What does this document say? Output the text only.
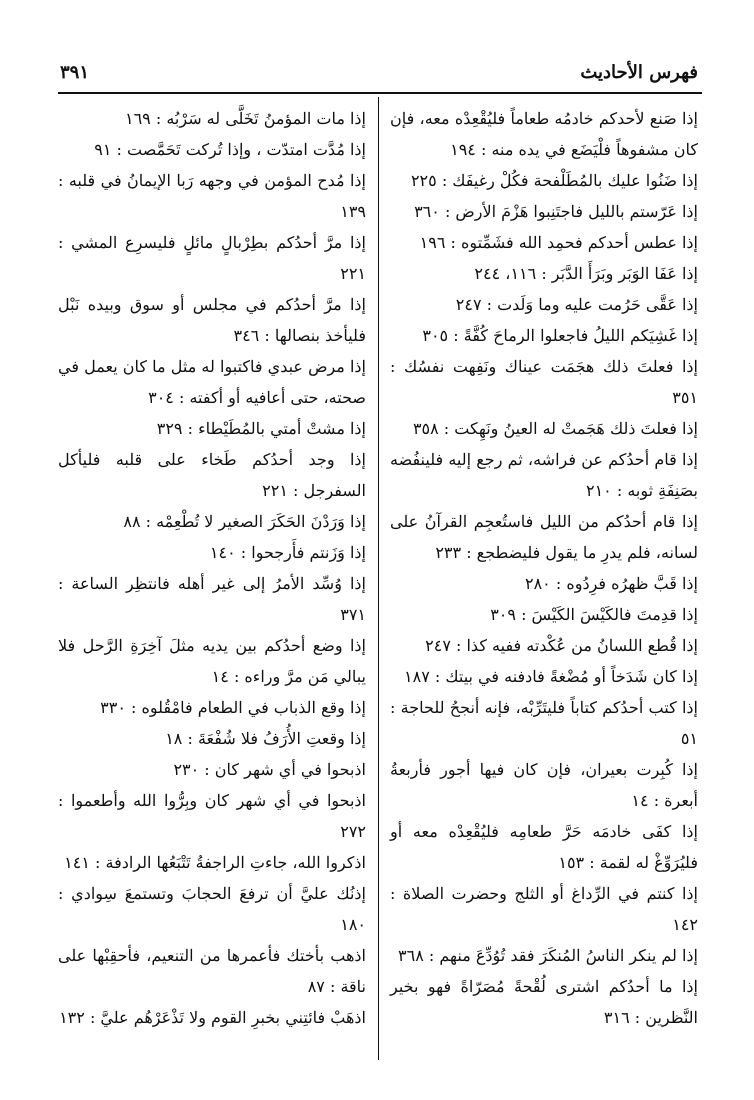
فهرس الأحاديث
٣٩١
إذا صَنع لأحدكم خادمُه طعاماً فليُقْعِدْه معه، فإن كان مشفوهاً فلْيَضَع في يده منه : ١٩٤
إذا ضَنُوا عليك بالمُطَلْفحة فكُلْ رغيفَك : ٢٢٥
إذا عَرّستم بالليل فاجتَنِبوا هَزْمَ الأرض : ٣٦٠
إذا عطس أحدكم فحمِد الله فشَمِّتوه : ١٩٦
إذا عَفَا الوَبَر وبَرَأَ الدَّبَر : ١١٦، ٢٤٤
إذا عَقَّى حَرُمت عليه وما وَلَدت : ٢٤٧
إذا غَشِيَكم الليلُ فاجعلوا الرماحَ كُفَّةً : ٣٠٥
إذا فعلتَ ذلك هجَمَت عيناك ونَفِهت نفسُك : ٣٥١
إذا فعلتَ ذلك هَجَمتْ له العينُ ونَهِكت : ٣٥٨
إذا قام أحدُكم عن فراشه، ثم رجع إليه فلينفُضه بصَنِفَةِ ثوبه : ٢١٠
إذا قام أحدُكم من الليل فاستُعجِم القرآنُ على لسانه، فلم يدرِ ما يقول فليضطجع : ٢٣٣
إذا قَبَّ ظهرُه فرِدُوه : ٢٨٠
إذا قدِمتَ فالكَيْسَ الكَيْسَ : ٣٠٩
إذا قُطع اللسانُ من عُكْدته ففيه كذا : ٢٤٧
إذا كان شَدَخاً أو مُضْغةً فادفنه في بيتك : ١٨٧
إذا كتب أحدُكم كتاباً فليتَرِّبْه، فإنه أنجحُ للحاجة : ٥١
إذا كُبِرت بعيران، فإن كان فيها أجور فأربعةُ أبعرة : ١٤
إذا كفَى خادمَه حَرَّ طعامِه فليُقْعِدْه معه أو فليُرَوِّغْ له لقمة : ١٥٣
إذا كنتم في الرِّداغ أو الثلج وحضرت الصلاة : ١٤٢
إذا لم ينكر الناسُ المُنكَرَ فقد تُوُدِّعَ منهم : ٣٦٨
إذا ما أحدُكم اشترى لُقْحةً مُصَرّاةً فهو بخير النَّظرين : ٣١٦
إذا مات المؤمنُ تَخَلَّى له سَرْبُه : ١٦٩
إذا مُدَّت امتدّت ، وإذا تُركت تَحَمَّصت : ٩١
إذا مُدح المؤمن في وجهه رَبا الإيمانُ في قلبه : ١٣٩
إذا مرَّ أحدُكم بطِرْبالٍ مائلٍ فليسرِع المشي : ٢٢١
إذا مرَّ أحدُكم في مجلس أو سوق وبيده نَبْل فليأخذ بنصالها : ٣٤٦
إذا مرض عبدي فاكتبوا له مثل ما كان يعمل في صحته، حتى أعافيه أو أكفته : ٣٠٤
إذا مشتْ أمتي بالمُطَيْطاء : ٣٢٩
إذا وجد أحدُكم طَخاء على قلبه فليأكل السفرجل : ٢٢١
إذا وَرَدْنَ الحَكَرَ الصغير لا تُطْعِمْه : ٨٨
إذا وَزَنتم فأَرجحوا : ١٤٠
إذا وُسِّد الأمرُ إلى غير أهله فانتظِر الساعة : ٣٧١
إذا وضع أحدُكم بين يديه مثلَ آخِرَةِ الرَّحل فلا يبالي مَن مرَّ وراءه : ١٤
إذا وقع الذباب في الطعام فامْقُلوه : ٣٣٠
إذا وقعتِ الأُرَفُ فلا شُفْعَةَ : ١٨
اذبحوا في أي شهر كان : ٢٣٠
اذبحوا في أي شهر كان وبِرُّوا الله وأطعموا : ٢٧٢
اذكروا الله، جاءتِ الراجفةُ تَتْبَعُها الرادفة : ١٤١
إذنُك عليَّ أن ترفعَ الحجابَ وتستمعَ سِوادي : ١٨٠
اذهب بأختك فأعمرها من التنعيم، فأحقِبْها على ناقة : ٨٧
اذهَبْ فائتِني بخبرِ القوم ولا تَذْعَرْهُم عليَّ : ١٣٢
